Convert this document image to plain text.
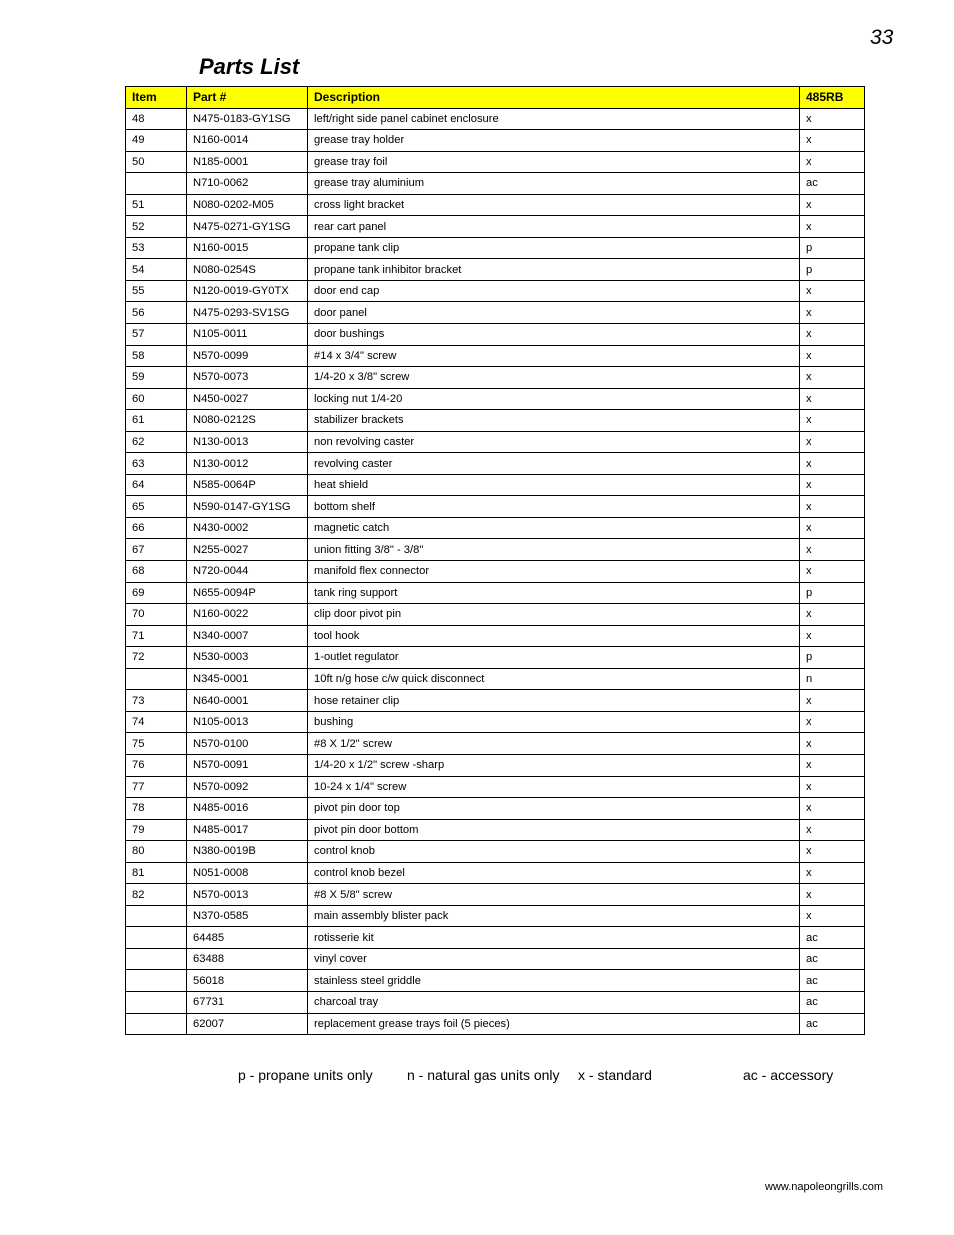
33
Parts List
Item	Part #	Description	485RB
48	N475-0183-GY1SG	left/right side panel cabinet enclosure	x
49	N160-0014	grease tray holder	x
50	N185-0001	grease tray foil	x
	N710-0062	grease tray aluminium	ac
51	N080-0202-M05	cross light bracket	x
52	N475-0271-GY1SG	rear cart panel	x
53	N160-0015	propane tank clip	p
54	N080-0254S	propane tank inhibitor bracket	p
55	N120-0019-GY0TX	door end cap	x
56	N475-0293-SV1SG	door panel	x
57	N105-0011	door bushings	x
58	N570-0099	#14 x 3/4" screw	x
59	N570-0073	1/4-20 x 3/8" screw	x
60	N450-0027	locking nut 1/4-20	x
61	N080-0212S	stabilizer brackets	x
62	N130-0013	non revolving caster	x
63	N130-0012	revolving caster	x
64	N585-0064P	heat shield	x
65	N590-0147-GY1SG	bottom shelf	x
66	N430-0002	magnetic catch	x
67	N255-0027	union fitting 3/8" - 3/8"	x
68	N720-0044	manifold flex connector	x
69	N655-0094P	tank ring support	p
70	N160-0022	clip door pivot pin	x
71	N340-0007	tool hook	x
72	N530-0003	1-outlet regulator	p
	N345-0001	10ft n/g hose c/w quick disconnect	n
73	N640-0001	hose retainer clip	x
74	N105-0013	bushing	x
75	N570-0100	#8 X 1/2" screw	x
76	N570-0091	1/4-20 x 1/2" screw -sharp	x
77	N570-0092	10-24 x 1/4" screw	x
78	N485-0016	pivot pin door top	x
79	N485-0017	pivot pin door bottom	x
80	N380-0019B	control knob	x
81	N051-0008	control knob bezel	x
82	N570-0013	#8 X 5/8" screw	x
	N370-0585	main assembly blister pack	x
	64485	rotisserie kit	ac
	63488	vinyl cover	ac
	56018	stainless steel griddle	ac
	67731	charcoal tray	ac
	62007	replacement grease trays foil (5 pieces)	ac
p - propane units only n - natural gas units only x - standard	ac - accessory
www.napoleongrills.com
